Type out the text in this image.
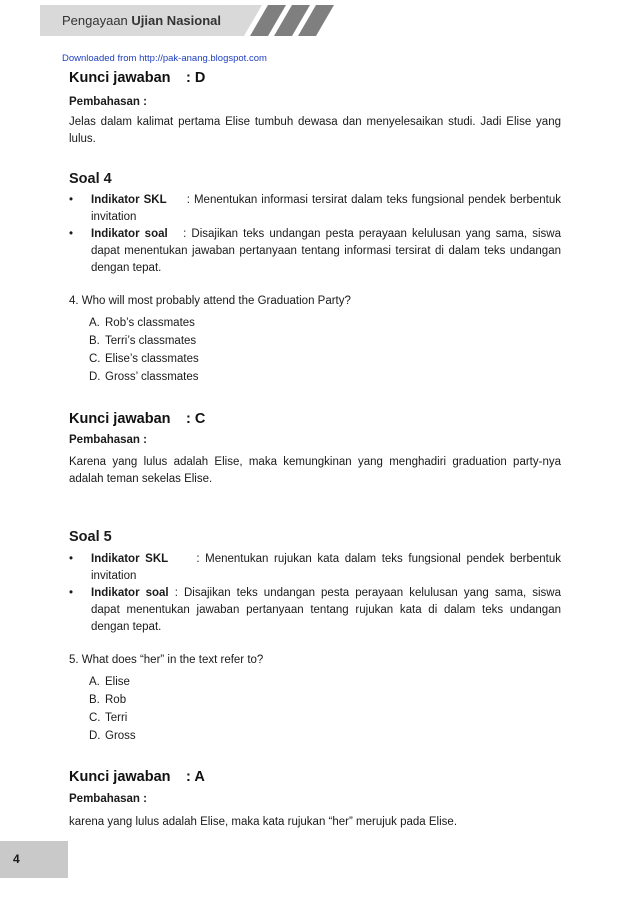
Pengayaan Ujian Nasional
Downloaded from http://pak-anang.blogspot.com
Kunci jawaban : D
Pembahasan :
Jelas dalam kalimat pertama Elise tumbuh dewasa dan menyelesaikan studi. Jadi Elise yang lulus.
Soal 4
• Indikator SKL : Menentukan informasi tersirat dalam teks fungsional pendek berbentuk invitation
• Indikator soal : Disajikan teks undangan pesta perayaan kelulusan yang sama, siswa dapat menentukan jawaban pertanyaan tentang informasi tersirat di dalam teks undangan dengan tepat.
4. Who will most probably attend the Graduation Party?
A. Rob’s classmates
B. Terri’s classmates
C. Elise’s classmates
D. Gross’ classmates
Kunci jawaban : C
Pembahasan :
Karena yang lulus adalah Elise, maka kemungkinan yang menghadiri graduation party-nya adalah teman sekelas Elise.
Soal 5
• Indikator SKL : Menentukan rujukan kata dalam teks fungsional pendek berbentuk invitation
• Indikator soal : Disajikan teks undangan pesta perayaan kelulusan yang sama, siswa dapat menentukan jawaban pertanyaan tentang rujukan kata di dalam teks undangan dengan tepat.
5. What does “her” in the text refer to?
A. Elise
B. Rob
C. Terri
D. Gross
Kunci jawaban : A
Pembahasan :
karena yang lulus adalah Elise, maka kata rujukan “her” merujuk pada Elise.
4
